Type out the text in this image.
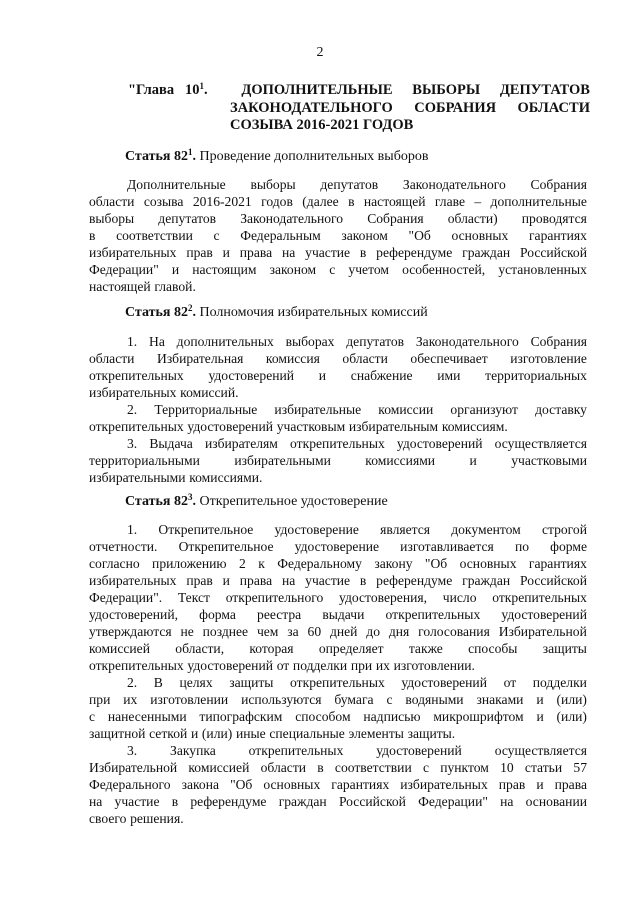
2
"Глава $10^1$. ДОПОЛНИТЕЛЬНЫЕ ВЫБОРЫ ДЕПУТАТОВ
ЗАКОНОДАТЕЛЬНОГО СОБРАНИЯ ОБЛАСТИ
СОЗЫВА 2016-2021 ГОДОВ
Статья $82^1$. Проведение дополнительных выборов
Дополнительные выборы депутатов Законодательного Собрания
области созыва 2016-2021 годов (далее в настоящей главе – дополнительные
выборы депутатов Законодательного Собрания области) проводятся
в соответствии с Федеральным законом "Об основных гарантиях
избирательных прав и права на участие в референдуме граждан Российской
Федерации" и настоящим законом с учетом особенностей, установленных
настоящей главой.
Статья $82^2$. Полномочия избирательных комиссий
1. На дополнительных выборах депутатов Законодательного Собрания
области Избирательная комиссия области обеспечивает изготовление
открепительных удостоверений и снабжение ими территориальных
избирательных комиссий.
2. Территориальные избирательные комиссии организуют доставку
открепительных удостоверений участковым избирательным комиссиям.
3. Выдача избирателям открепительных удостоверений осуществляется
территориальными	избирательными	комиссиями	и	участковыми
избирательными комиссиями.
Статья $82^3$. Открепительное удостоверение
1. Открепительное удостоверение является документом строгой
отчетности. Открепительное удостоверение изготавливается по форме
согласно приложению 2 к Федеральному закону "Об основных гарантиях
избирательных прав и права на участие в референдуме граждан Российской
Федерации". Текст открепительного удостоверения, число открепительных
удостоверений, форма реестра выдачи открепительных удостоверений
утверждаются не позднее чем за 60 дней до дня голосования Избирательной
комиссией области, которая определяет также способы защиты
открепительных удостоверений от подделки при их изготовлении.
2. В целях защиты открепительных удостоверений от подделки
при их изготовлении используются бумага с водяными знаками и (или)
с нанесенными типографским способом надписью микрошрифтом и (или)
защитной сеткой и (или) иные специальные элементы защиты.
3. Закупка открепительных удостоверений осуществляется
Избирательной комиссией области в соответствии с пунктом 10 статьи 57
Федерального закона "Об основных гарантиях избирательных прав и права
на участие в референдуме граждан Российской Федерации" на основании
своего решения.
